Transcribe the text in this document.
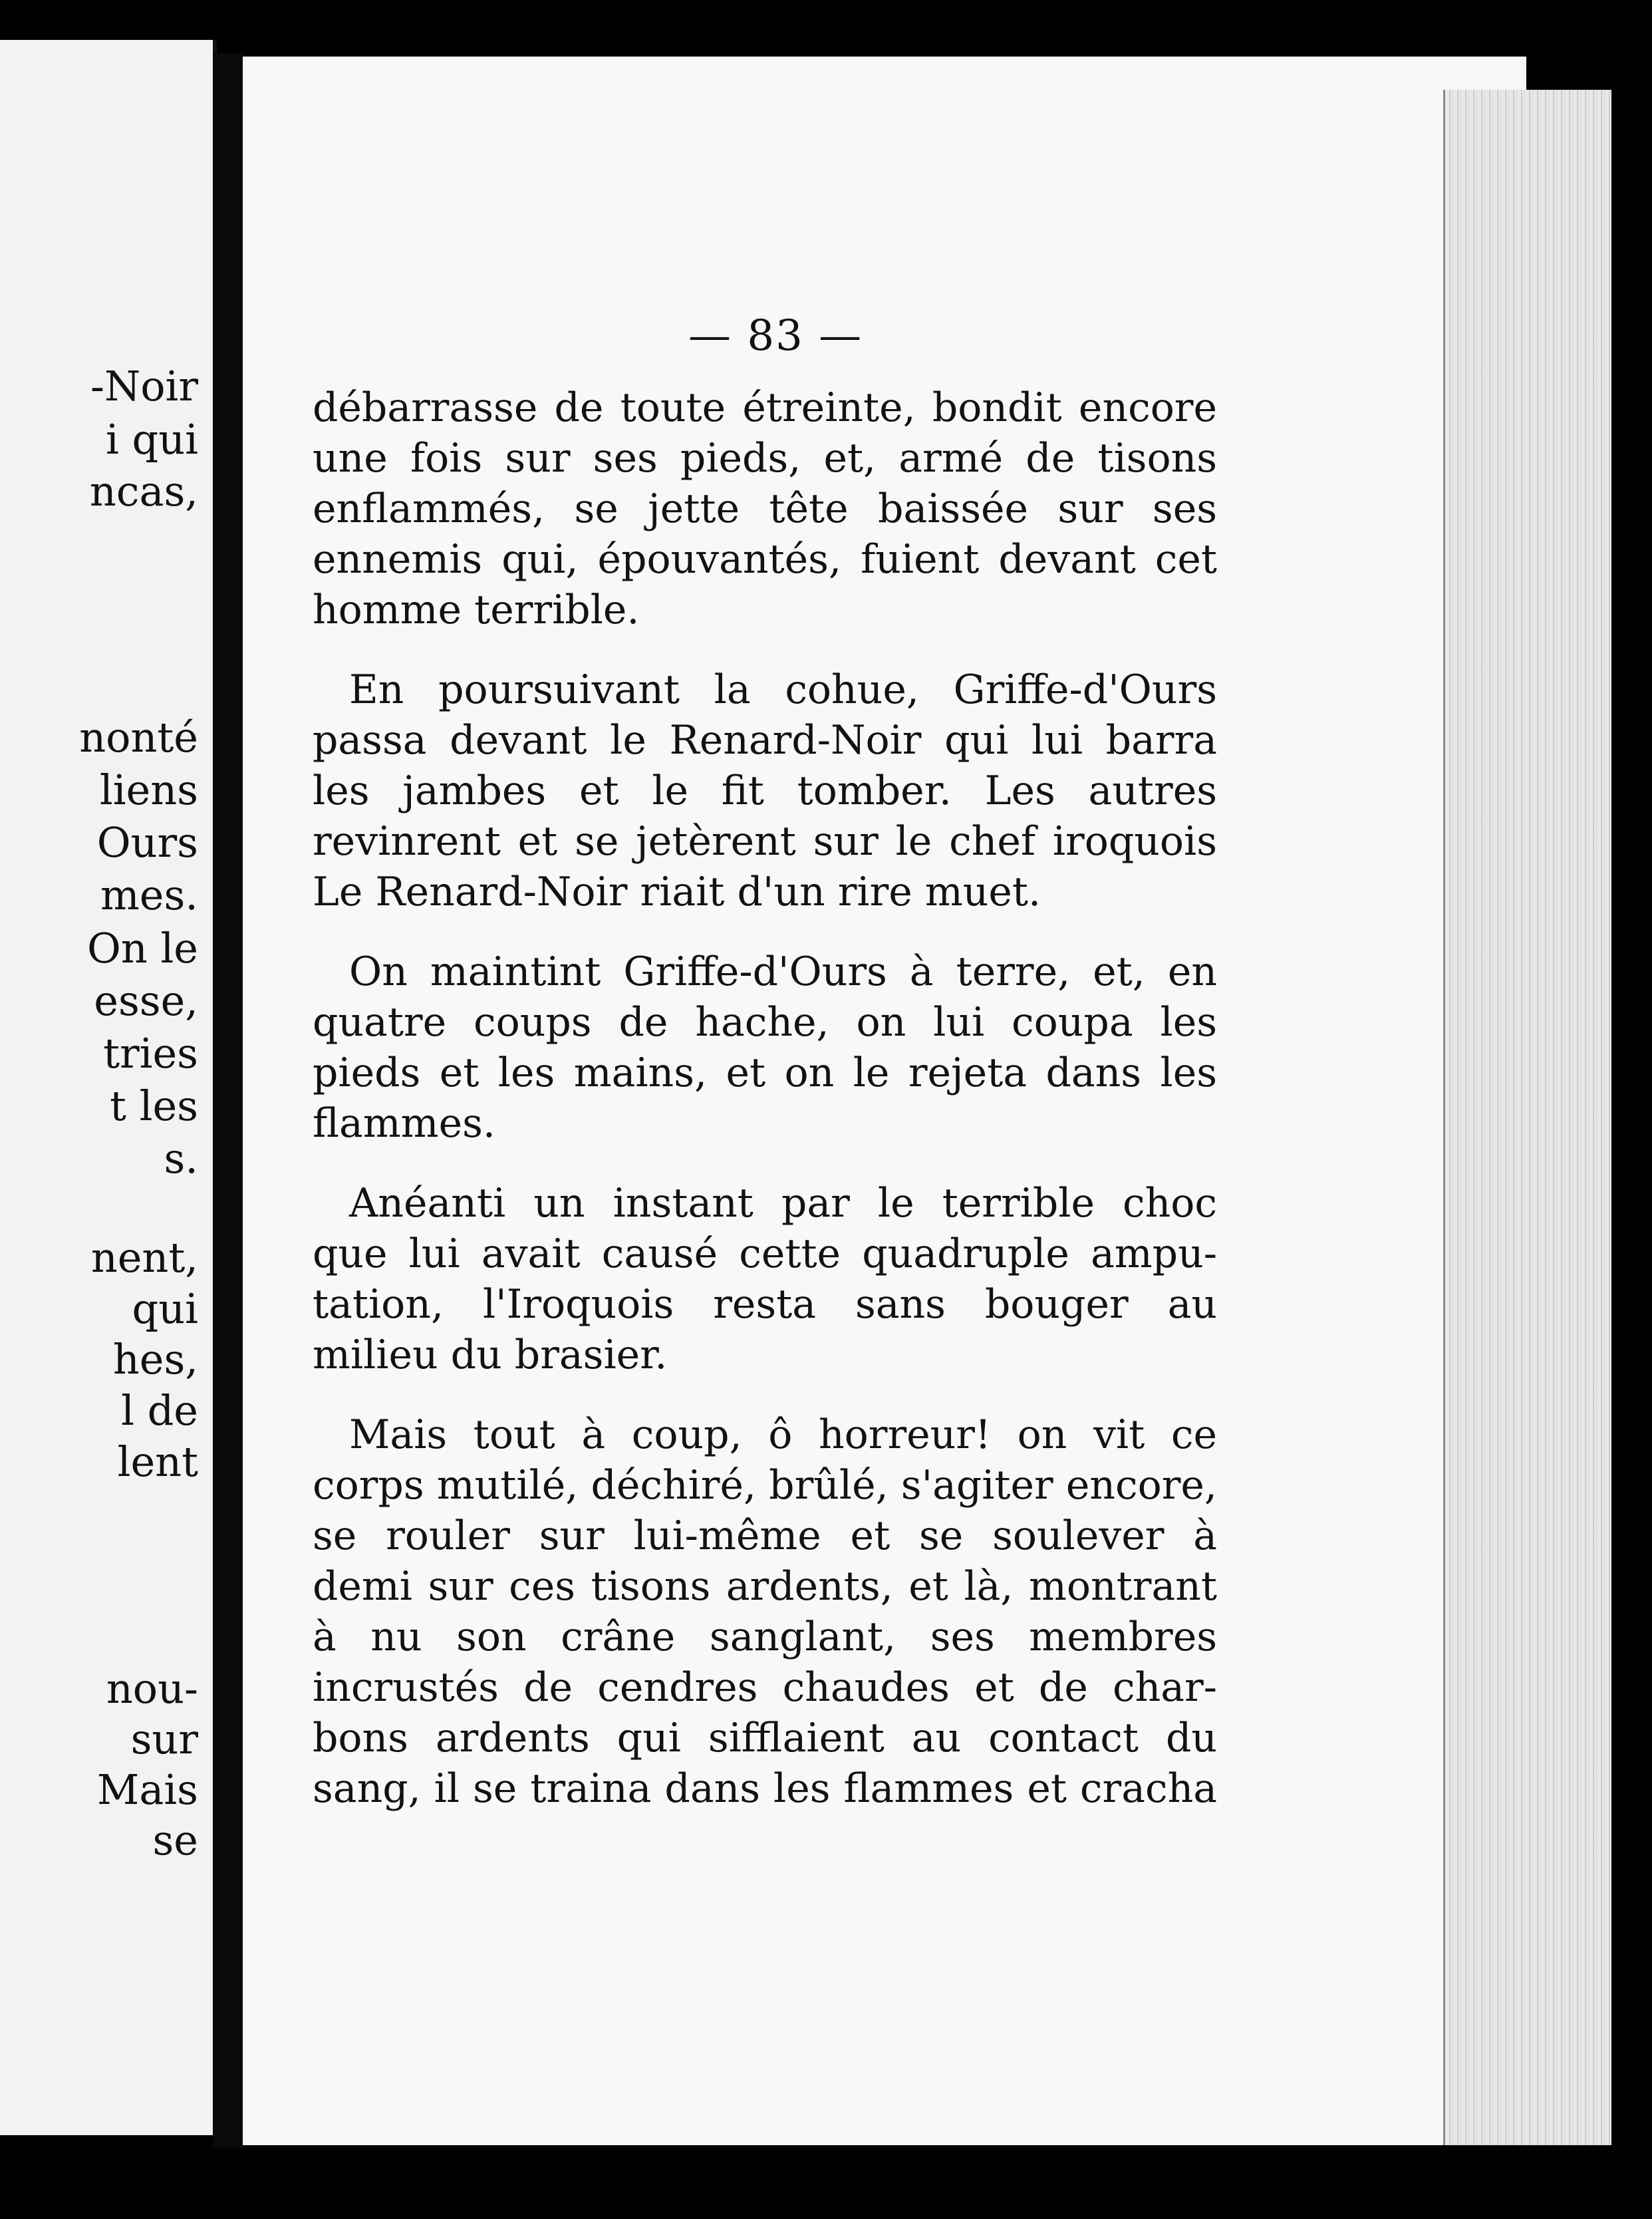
-Noir
i qui
ncas,
nonté
liens
Ours
mes.
On le
esse,
tries
t les
s.
nent,
qui
hes,
l de
lent
nou-
sur
Mais
se
— 83 —
débarrasse de toute étreinte, bondit encore
une fois sur ses pieds, et, armé de tisons
enflammés, se jette tête baissée sur ses
ennemis qui, épouvantés, fuient devant cet
homme terrible.
En poursuivant la cohue, Griffe-d'Ours
passa devant le Renard-Noir qui lui barra
les jambes et le fit tomber. Les autres
revinrent et se jetèrent sur le chef iroquois
Le Renard-Noir riait d'un rire muet.
On maintint Griffe-d'Ours à terre, et, en
quatre coups de hache, on lui coupa les
pieds et les mains, et on le rejeta dans les
flammes.
Anéanti un instant par le terrible choc
que lui avait causé cette quadruple ampu-
tation, l'Iroquois resta sans bouger au
milieu du brasier.
Mais tout à coup, ô horreur! on vit ce
corps mutilé, déchiré, brûlé, s'agiter encore,
se rouler sur lui-même et se soulever à
demi sur ces tisons ardents, et là, montrant
à nu son crâne sanglant, ses membres
incrustés de cendres chaudes et de char-
bons ardents qui sifflaient au contact du
sang, il se traina dans les flammes et cracha
